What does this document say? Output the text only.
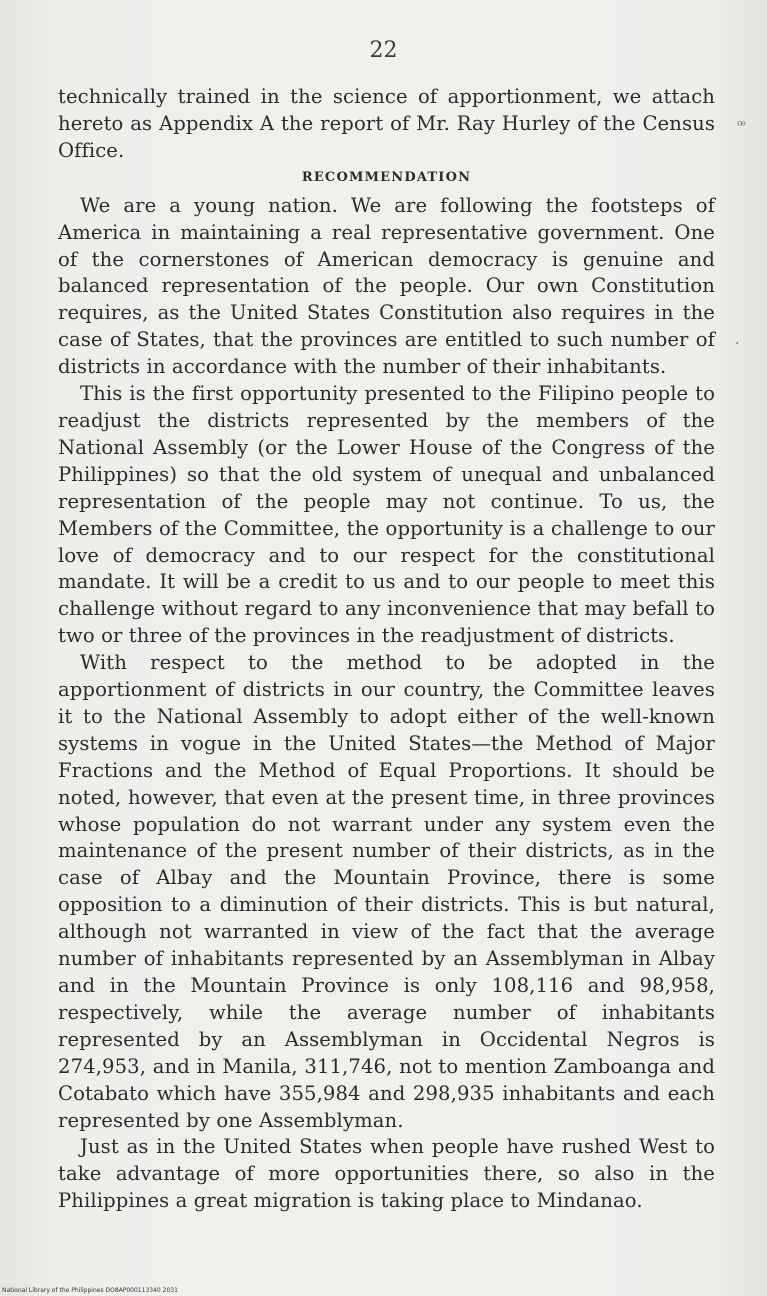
22

technically trained in the science of apportionment, we attach hereto as Appendix A the report of Mr. Ray Hurley of the Census Office.

RECOMMENDATION

We are a young nation. We are following the footsteps of America in maintaining a real representative government. One of the cornerstones of American democracy is genuine and balanced representation of the people. Our own Constitution requires, as the United States Constitution also requires in the case of States, that the provinces are entitled to such number of districts in accordance with the number of their inhabitants.

This is the first opportunity presented to the Filipino people to readjust the districts represented by the members of the National Assembly (or the Lower House of the Congress of the Philippines) so that the old system of unequal and unbalanced representation of the people may not continue. To us, the Members of the Committee, the opportunity is a challenge to our love of democracy and to our respect for the constitutional mandate. It will be a credit to us and to our people to meet this challenge without regard to any inconvenience that may befall to two or three of the provinces in the readjustment of districts.

With respect to the method to be adopted in the apportionment of districts in our country, the Committee leaves it to the National Assembly to adopt either of the well-known systems in vogue in the United States—the Method of Major Fractions and the Method of Equal Proportions. It should be noted, however, that even at the present time, in three provinces whose population do not warrant under any system even the maintenance of the present number of their districts, as in the case of Albay and the Mountain Province, there is some opposition to a diminution of their districts. This is but natural, although not warranted in view of the fact that the average number of inhabitants represented by an Assemblyman in Albay and in the Mountain Province is only 108,116 and 98,958, respectively, while the average number of inhabitants represented by an Assemblyman in Occidental Negros is 274,953, and in Manila, 311,746, not to mention Zamboanga and Cotabato which have 355,984 and 298,935 inhabitants and each represented by one Assemblyman.

Just as in the United States when people have rushed West to take advantage of more opportunities there, so also in the Philippines a great migration is taking place to Mindanao.

ꟹ
·
National Library of the Philippines DO8AP000113340 2031
